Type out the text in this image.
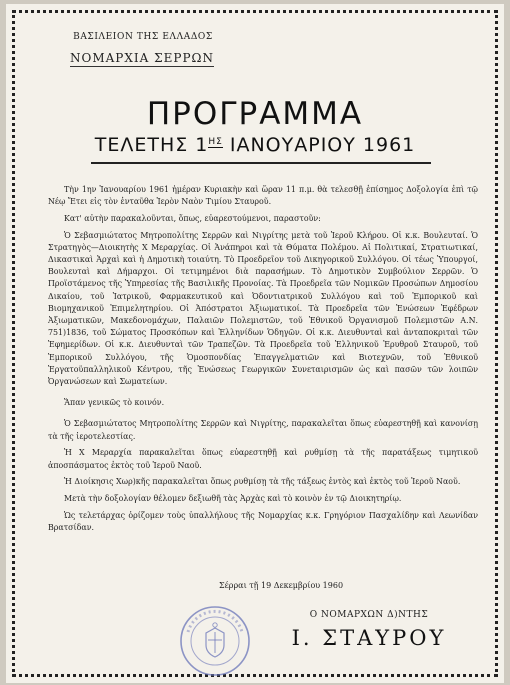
ΒΑΣΙΛΕΙΟΝ ΤΗΣ ΕΛΛΑΔΟΣ
ΝΟΜΑΡΧΙΑ ΣΕΡΡΩΝ
ΠΡΟΓΡΑΜΜΑ
ΤΕΛΕΤΗΣ $1^{H\Sigma}$ ΙΑΝΟΥΑΡΙΟΥ 1961

Τὴν 1ην Ἰανουαρίου 1961 ἡμέραν Κυριακὴν καὶ ὥραν 11 π.μ. θὰ τελεσθῇ ἐπίσημος Δοξολογία ἐπὶ τῷ Νέῳ Ἔτει εἰς τὸν ἐνταῦθα Ἱερὸν Ναὸν Τιμίου Σταυροῦ.

Κατ' αὐτὴν παρακαλοῦνται, ὅπως, εὐαρεστούμενοι, παραστοῦν:

Ὁ Σεβασμιώτατος Μητροπολίτης Σερρῶν καὶ Νιγρίτης μετὰ τοῦ Ἱεροῦ Κλήρου. Οἱ κ.κ. Βουλευταί. Ὁ Στρατηγὸς—Διοικητὴς Χ Μεραρχίας. Οἱ Ἀνάπηροι καὶ τὰ Θύματα Πολέμου. Αἱ Πολιτικαί, Στρατιωτικαί, Δικαστικαὶ Ἀρχαὶ καὶ ἡ Δημοτικὴ τοιαύτη. Τὸ Προεδρεῖον τοῦ Δικηγορικοῦ Συλλόγου. Οἱ τέως Ὑπουργοί, Βουλευταὶ καὶ Δήμαρχοι. Οἱ τετιμημένοι διὰ παρασήμων. Τὸ Δημοτικὸν Συμβούλιον Σερρῶν. Ὁ Προϊστάμενος τῆς Ὑπηρεσίας τῆς Βασιλικῆς Προνοίας. Τὰ Προεδρεῖα τῶν Νομικῶν Προσώπων Δημοσίου Δικαίου, τοῦ Ἰατρικοῦ, Φαρμακευτικοῦ καὶ Ὀδοντιατρικοῦ Συλλόγου καὶ τοῦ Ἐμπορικοῦ καὶ Βιομηχανικοῦ Ἐπιμελητηρίου. Οἱ Ἀπόστρατοι Ἀξιωματικοί. Τὰ Προεδρεῖα τῶν Ἑνώσεων Ἐφέδρων Ἀξιωματικῶν, Μακεδονομάχων, Παλαιῶν Πολεμιστῶν, τοῦ Ἐθνικοῦ Ὀργανισμοῦ Πολεμιστῶν Α.Ν. 751)1836, τοῦ Σώματος Προσκόπων καὶ Ἑλληνίδων Ὁδηγῶν. Οἱ κ.κ. Διευθυνταὶ καὶ ἀνταποκριταὶ τῶν Ἐφημερίδων. Οἱ κ.κ. Διευθυνταὶ τῶν Τραπεζῶν. Τὰ Προεδρεῖα τοῦ Ἑλληνικοῦ Ἐρυθροῦ Σταυροῦ, τοῦ Ἐμπορικοῦ Συλλόγου, τῆς Ὁμοσπονδίας Ἐπαγγελματιῶν καὶ Βιοτεχνῶν, τοῦ Ἐθνικοῦ Ἐργατοϋπαλληλικοῦ Κέντρου, τῆς Ἑνώσεως Γεωργικῶν Συνεταιρισμῶν ὡς καὶ πασῶν τῶν λοιπῶν Ὀργανώσεων καὶ Σωματείων.

Ἅπαν γενικῶς τὸ κοινόν.

Ὁ Σεβασμιώτατος Μητροπολίτης Σερρῶν καὶ Νιγρίτης, παρακαλεῖται ὅπως εὐαρεστηθῇ καὶ κανονίσῃ τὰ τῆς ἱεροτελεστίας.

Ἡ Χ Μεραρχία παρακαλεῖται ὅπως εὐαρεστηθῇ καὶ ρυθμίσῃ τὰ τῆς παρατάξεως τιμητικοῦ ἀποσπάσματος ἐκτὸς τοῦ Ἱεροῦ Ναοῦ.

Ἡ Διοίκησις Χωρ)κῆς παρακαλεῖται ὅπως ρυθμίσῃ τὰ τῆς τάξεως ἐντὸς καὶ ἐκτὸς τοῦ Ἱεροῦ Ναοῦ.

Μετὰ τὴν δοξολογίαν θέλομεν δεξιωθῆ τὰς Ἀρχὰς καὶ τὸ κοινὸν ἐν τῷ Διοικητηρίῳ.

Ὡς τελετάρχας ὁρίζομεν τοὺς ὑπαλλήλους τῆς Νομαρχίας κ.κ. Γρηγόριον Πασχαλίδην καὶ Λεωνίδαν Βρατσίδαν.

Σέρραι τῇ 19 Δεκεμβρίου 1960
Ο ΝΟΜΑΡΧΩΝ Δ)ΝΤΗΣ
Ι. ΣΤΑΥΡΟΥ
